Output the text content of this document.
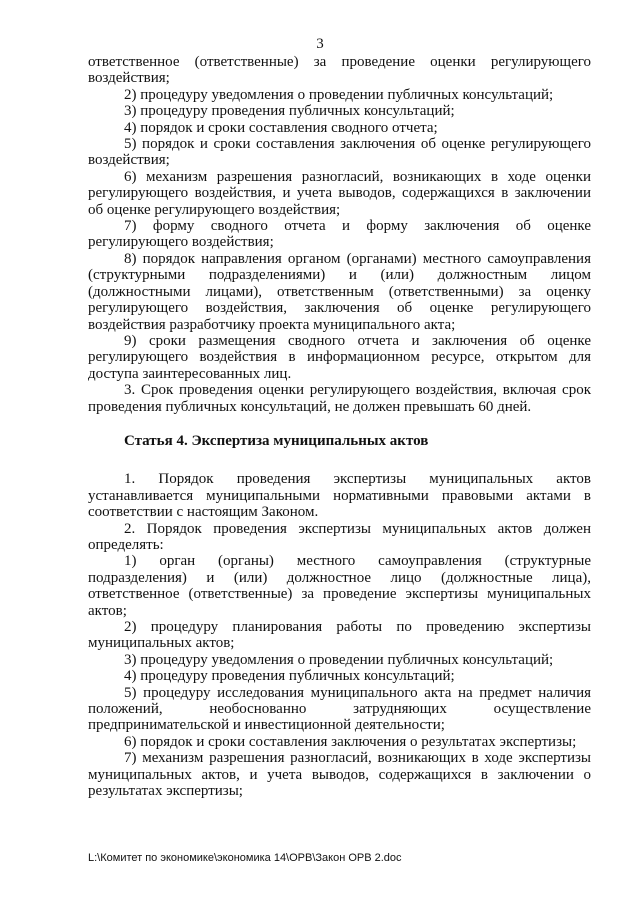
3

ответственное (ответственные) за проведение оценки регулирующего воздействия;

2) процедуру уведомления о проведении публичных консультаций;

3) процедуру проведения публичных консультаций;

4) порядок и сроки составления сводного отчета;

5) порядок и сроки составления заключения об оценке регулирующего воздействия;

6) механизм разрешения разногласий, возникающих в ходе оценки регулирующего воздействия, и учета выводов, содержащихся в заключении об оценке регулирующего воздействия;

7) форму сводного отчета и форму заключения об оценке регулирующего воздействия;

8) порядок направления органом (органами) местного самоуправления (структурными подразделениями) и (или) должностным лицом (должностными лицами), ответственным (ответственными) за оценку регулирующего воздействия, заключения об оценке регулирующего воздействия разработчику проекта муниципального акта;

9) сроки размещения сводного отчета и заключения об оценке регулирующего воздействия в информационном ресурсе, открытом для доступа заинтересованных лиц.

3. Срок проведения оценки регулирующего воздействия, включая срок проведения публичных консультаций, не должен превышать 60 дней.

Статья 4. Экспертиза муниципальных актов

1. Порядок проведения экспертизы муниципальных актов устанавливается муниципальными нормативными правовыми актами в соответствии с настоящим Законом.

2. Порядок проведения экспертизы муниципальных актов должен определять:

1) орган (органы) местного самоуправления (структурные подразделения) и (или) должностное лицо (должностные лица), ответственное (ответственные) за проведение экспертизы муниципальных актов;

2) процедуру планирования работы по проведению экспертизы муниципальных актов;

3) процедуру уведомления о проведении публичных консультаций;

4) процедуру проведения публичных консультаций;

5) процедуру исследования муниципального акта на предмет наличия положений, необоснованно затрудняющих осуществление предпринимательской и инвестиционной деятельности;

6) порядок и сроки составления заключения о результатах экспертизы;

7) механизм разрешения разногласий, возникающих в ходе экспертизы муниципальных актов, и учета выводов, содержащихся в заключении о результатах экспертизы;

L:\Комитет по экономике\экономика 14\ОРВ\Закон ОРВ 2.doc
